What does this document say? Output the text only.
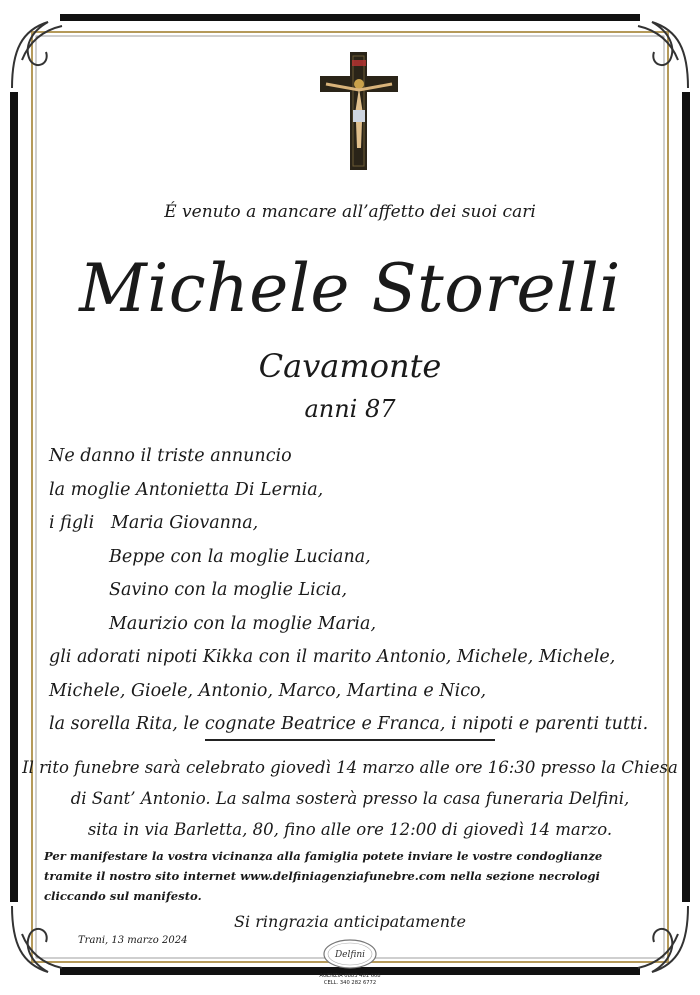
É venuto a mancare all’affetto dei suoi cari
Michele Storelli
Cavamonte
anni 87
Ne danno il triste annuncio
la moglie Antonietta Di Lernia,
i figli   Maria Giovanna,
Beppe con la moglie Luciana,
Savino con la moglie Licia,
Maurizio con la moglie Maria,
gli adorati nipoti Kikka con il marito Antonio, Michele, Michele,
Michele, Gioele, Antonio, Marco, Martina e Nico,
la sorella Rita, le cognate Beatrice e Franca, i nipoti e parenti tutti.
Il rito funebre sarà celebrato giovedì 14 marzo alle ore 16:30 presso la Chiesa
di Sant’ Antonio. La salma sosterà presso la casa funeraria Delfini,
sita in via Barletta, 80, fino alle ore 12:00 di giovedì 14 marzo.
Per manifestare la vostra vicinanza alla famiglia potete inviare le vostre condoglianze
tramite il nostro sito internet www.delfiniagenziafunebre.com nella sezione necrologi
cliccando sul manifesto.
Si ringrazia anticipatamente
Trani, 13 marzo 2024
Delfini
AGENZIA 0883 481 608
CELL. 340 282 6772
